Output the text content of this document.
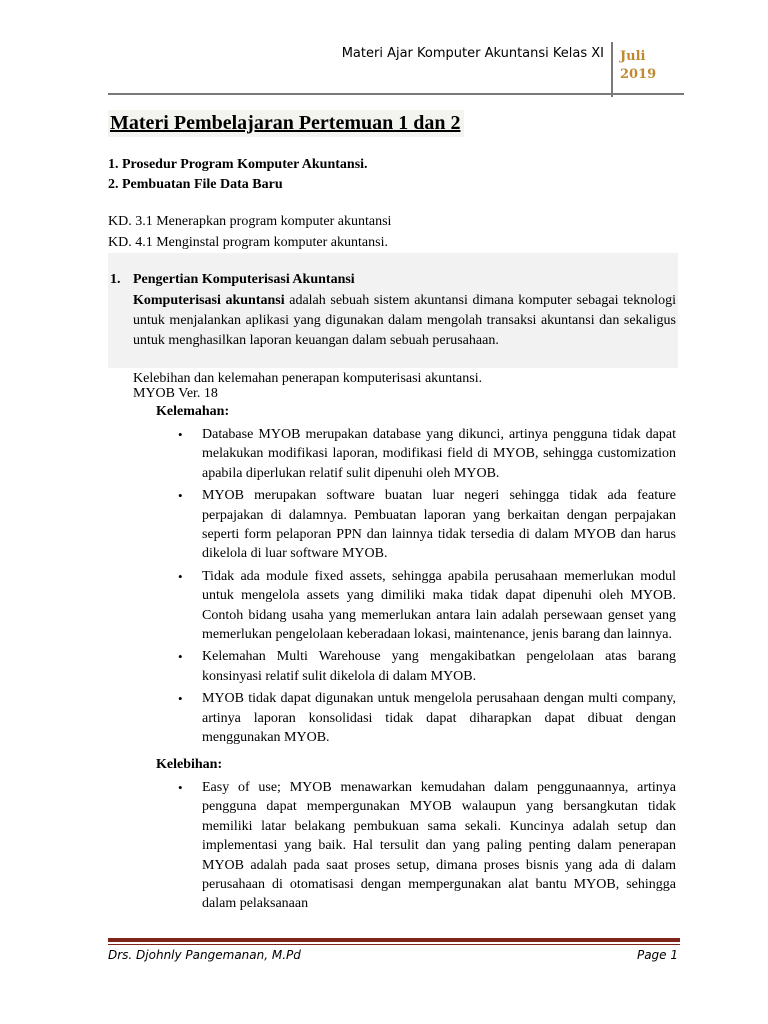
Materi Ajar Komputer Akuntansi Kelas XI Juli
2019
Materi Pembelajaran Pertemuan 1 dan 2
1. Prosedur Program Komputer Akuntansi.
2. Pembuatan File Data Baru
KD. 3.1 Menerapkan program komputer akuntansi
KD. 4.1 Menginstal program komputer akuntansi.
1. Pengertian Komputerisasi Akuntansi

Komputerisasi akuntansi adalah sebuah sistem akuntansi dimana komputer sebagai teknologi untuk menjalankan aplikasi yang digunakan dalam mengolah transaksi akuntansi dan sekaligus untuk menghasilkan laporan keuangan dalam sebuah perusahaan.

Kelebihan dan kelemahan penerapan komputerisasi akuntansi.
MYOB Ver. 18
Kelemahan:
• Database MYOB merupakan database yang dikunci, artinya pengguna tidak dapat melakukan modifikasi laporan, modifikasi field di MYOB, sehingga customization apabila diperlukan relatif sulit dipenuhi oleh MYOB.
• MYOB merupakan software buatan luar negeri sehingga tidak ada feature perpajakan di dalamnya. Pembuatan laporan yang berkaitan dengan perpajakan seperti form pelaporan PPN dan lainnya tidak tersedia di dalam MYOB dan harus dikelola di luar software MYOB.
• Tidak ada module fixed assets, sehingga apabila perusahaan memerlukan modul untuk mengelola assets yang dimiliki maka tidak dapat dipenuhi oleh MYOB. Contoh bidang usaha yang memerlukan antara lain adalah persewaan genset yang memerlukan pengelolaan keberadaan lokasi, maintenance, jenis barang dan lainnya.
• Kelemahan Multi Warehouse yang mengakibatkan pengelolaan atas barang konsinyasi relatif sulit dikelola di dalam MYOB.
• MYOB tidak dapat digunakan untuk mengelola perusahaan dengan multi company, artinya laporan konsolidasi tidak dapat diharapkan dapat dibuat dengan menggunakan MYOB.
Kelebihan:
• Easy of use; MYOB menawarkan kemudahan dalam penggunaannya, artinya pengguna dapat mempergunakan MYOB walaupun yang bersangkutan tidak memiliki latar belakang pembukuan sama sekali. Kuncinya adalah setup dan implementasi yang baik. Hal tersulit dan yang paling penting dalam penerapan MYOB adalah pada saat proses setup, dimana proses bisnis yang ada di dalam perusahaan di otomatisasi dengan mempergunakan alat bantu MYOB, sehingga dalam pelaksanaan
Drs. Djohnly Pangemanan, M.Pd	Page 1
